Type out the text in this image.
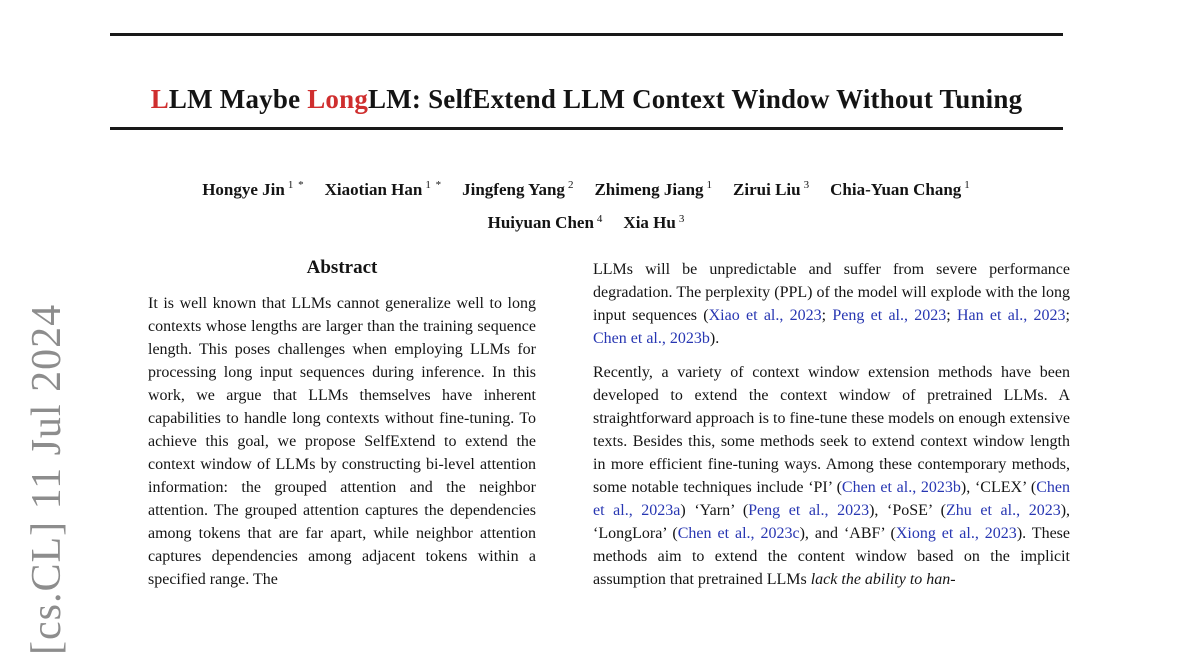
[cs.CL] 11 Jul 2024
LLM Maybe LongLM: SelfExtend LLM Context Window Without Tuning
Hongye Jin $^{1 *}$ Xiaotian Han $^{1 *}$ Jingfeng Yang $^2$ Zhimeng Jiang $^1$ Zirui Liu $^3$ Chia-Yuan Chang $^1$
Huiyuan Chen $^4$ Xia Hu $^3$
Abstract

It is well known that LLMs cannot generalize well to long contexts whose lengths are larger than the training sequence length. This poses challenges when employing LLMs for processing long input sequences during inference. In this work, we argue that LLMs themselves have inherent capabilities to handle long contexts without fine-tuning. To achieve this goal, we propose SelfExtend to extend the context window of LLMs by constructing bi-level attention information: the grouped attention and the neighbor attention. The grouped attention captures the dependencies among tokens that are far apart, while neighbor attention captures dependencies among adjacent tokens within a specified range. The

LLMs will be unpredictable and suffer from severe performance degradation. The perplexity (PPL) of the model will explode with the long input sequences (Xiao et al., 2023; Peng et al., 2023; Han et al., 2023; Chen et al., 2023b).

Recently, a variety of context window extension methods have been developed to extend the context window of pretrained LLMs. A straightforward approach is to fine-tune these models on enough extensive texts. Besides this, some methods seek to extend context window length in more efficient fine-tuning ways. Among these contemporary methods, some notable techniques include ‘PI’ (Chen et al., 2023b), ‘CLEX’ (Chen et al., 2023a) ‘Yarn’ (Peng et al., 2023), ‘PoSE’ (Zhu et al., 2023), ‘LongLora’ (Chen et al., 2023c), and ‘ABF’ (Xiong et al., 2023). These methods aim to extend the content window based on the implicit assumption that pretrained LLMs lack the ability to han-
